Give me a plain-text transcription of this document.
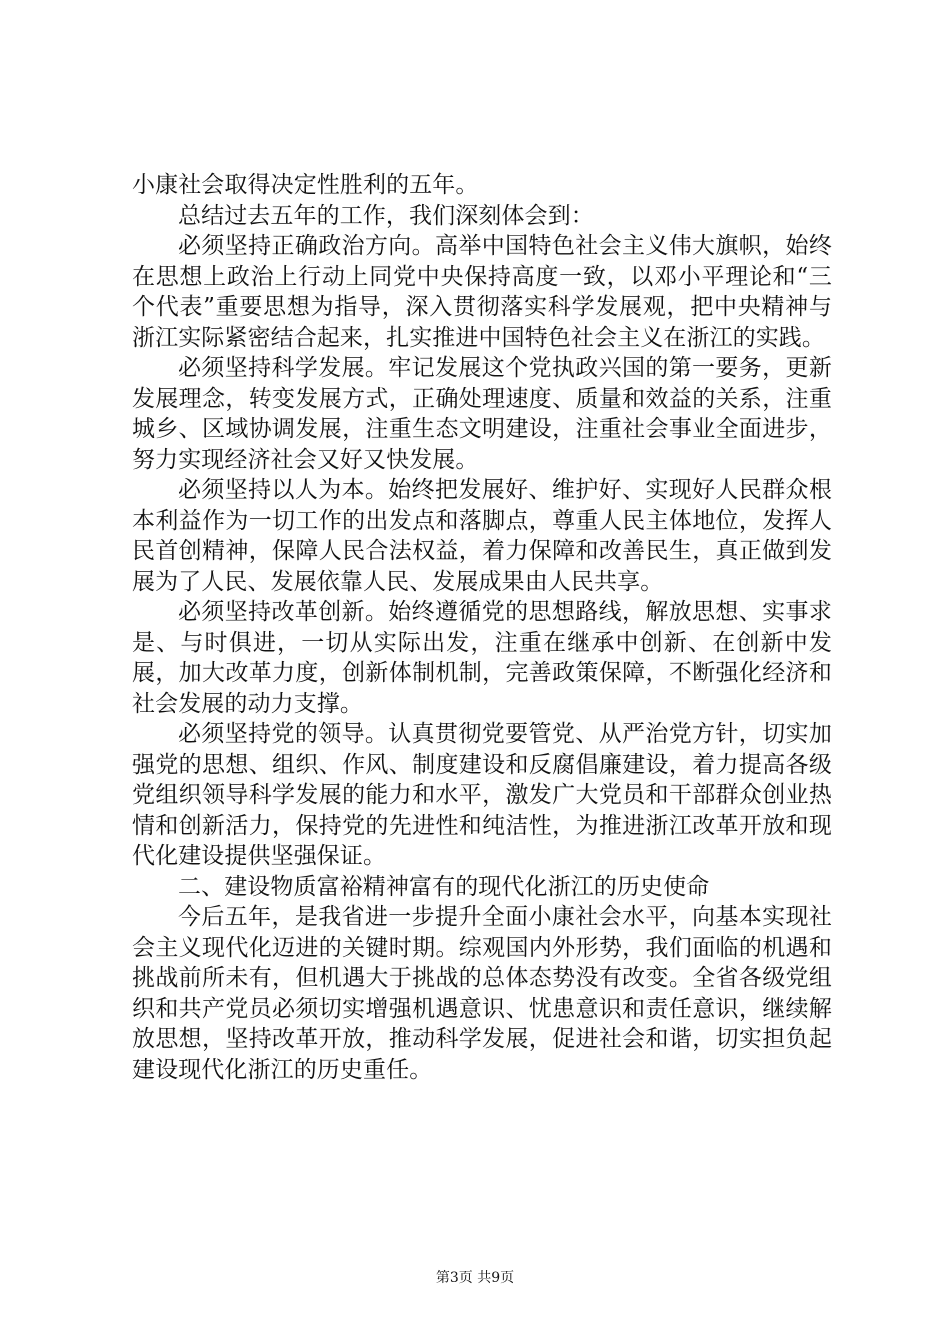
小康社会取得决定性胜利的五年。

总结过去五年的工作，我们深刻体会到：

必须坚持正确政治方向。高举中国特色社会主义伟大旗帜，始终在思想上政治上行动上同党中央保持高度一致，以邓小平理论和“三个代表”重要思想为指导，深入贯彻落实科学发展观，把中央精神与浙江实际紧密结合起来，扎实推进中国特色社会主义在浙江的实践。

必须坚持科学发展。牢记发展这个党执政兴国的第一要务，更新发展理念，转变发展方式，正确处理速度、质量和效益的关系，注重城乡、区域协调发展，注重生态文明建设，注重社会事业全面进步，努力实现经济社会又好又快发展。

必须坚持以人为本。始终把发展好、维护好、实现好人民群众根本利益作为一切工作的出发点和落脚点，尊重人民主体地位，发挥人民首创精神，保障人民合法权益，着力保障和改善民生，真正做到发展为了人民、发展依靠人民、发展成果由人民共享。

必须坚持改革创新。始终遵循党的思想路线，解放思想、实事求是、与时俱进，一切从实际出发，注重在继承中创新、在创新中发展，加大改革力度，创新体制机制，完善政策保障，不断强化经济和社会发展的动力支撑。

必须坚持党的领导。认真贯彻党要管党、从严治党方针，切实加强党的思想、组织、作风、制度建设和反腐倡廉建设，着力提高各级党组织领导科学发展的能力和水平，激发广大党员和干部群众创业热情和创新活力，保持党的先进性和纯洁性，为推进浙江改革开放和现代化建设提供坚强保证。

二、建设物质富裕精神富有的现代化浙江的历史使命

今后五年，是我省进一步提升全面小康社会水平，向基本实现社会主义现代化迈进的关键时期。综观国内外形势，我们面临的机遇和挑战前所未有，但机遇大于挑战的总体态势没有改变。全省各级党组织和共产党员必须切实增强机遇意识、忧患意识和责任意识，继续解放思想，坚持改革开放，推动科学发展，促进社会和谐，切实担负起建设现代化浙江的历史重任。

第3页 共9页
